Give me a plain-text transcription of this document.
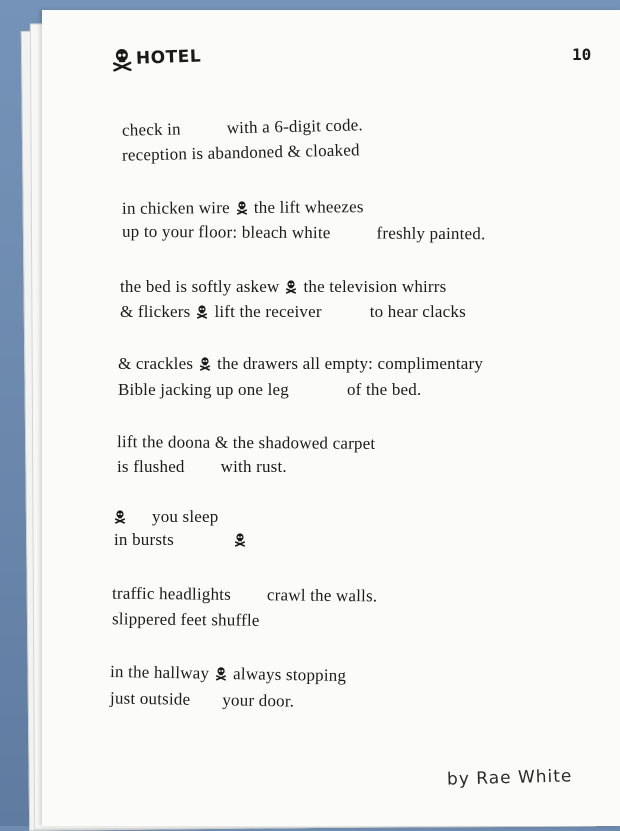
HOTEL	10
check in	with a 6-digit code.
reception is abandoned & cloaked
in chicken wire the lift wheezes
up to your floor: bleach white	freshly painted.
the bed is softly askew the television whirrs
& flickers lift the receiver	to hear clacks
& crackles the drawers all empty: complimentary
Bible jacking up one leg	of the bed.
lift the doona & the shadowed carpet
is flushed with rust.
you sleep
in bursts
traffic headlights crawl the walls.
slippered feet shuffle
in the hallway always stopping
just outside your door.
by Rae White
